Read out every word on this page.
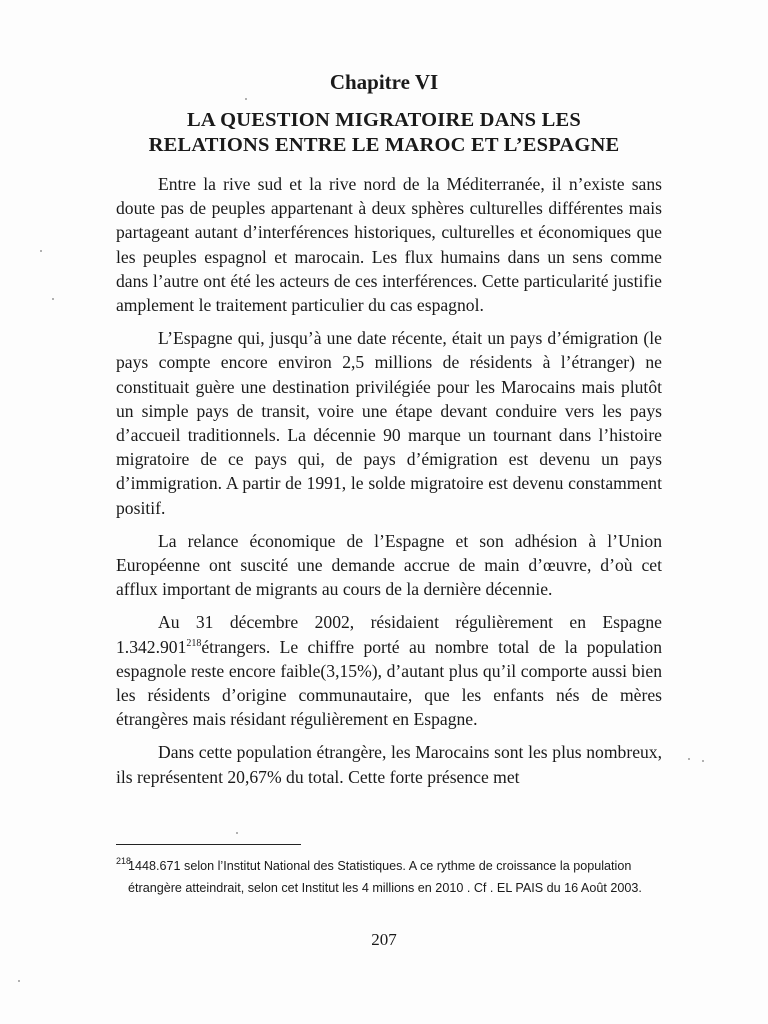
Chapitre VI
LA QUESTION MIGRATOIRE DANS LES
RELATIONS ENTRE LE MAROC ET L’ESPAGNE

Entre la rive sud et la rive nord de la Méditerranée, il n’existe sans doute pas de peuples appartenant à deux sphères culturelles différentes mais partageant autant d’interférences historiques, culturelles et économiques que les peuples espagnol et marocain. Les flux humains dans un sens comme dans l’autre ont été les acteurs de ces interférences. Cette particularité justifie amplement le traitement particulier du cas espagnol.

L’Espagne qui, jusqu’à une date récente, était un pays d’émigration (le pays compte encore environ 2,5 millions de résidents à l’étranger) ne constituait guère une destination privilégiée pour les Marocains mais plutôt un simple pays de transit, voire une étape devant conduire vers les pays d’accueil traditionnels. La décennie 90 marque un tournant dans l’histoire migratoire de ce pays qui, de pays d’émigration est devenu un pays d’immigration. A partir de 1991, le solde migratoire est devenu constamment positif.

La relance économique de l’Espagne et son adhésion à l’Union Européenne ont suscité une demande accrue de main d’œuvre, d’où cet afflux important de migrants au cours de la dernière décennie.

Au 31 décembre 2002, résidaient régulièrement en Espagne 1.342.901$^{218}$étrangers. Le chiffre porté au nombre total de la population espagnole reste encore faible(3,15%), d’autant plus qu’il comporte aussi bien les résidents d’origine communautaire, que les enfants nés de mères étrangères mais résidant régulièrement en Espagne.

Dans cette population étrangère, les Marocains sont les plus nombreux, ils représentent 20,67% du total. Cette forte présence met

218
1448.671 selon l’Institut National des Statistiques. A ce rythme de croissance la population étrangère atteindrait, selon cet Institut les 4 millions en 2010 . Cf . EL PAIS du 16 Août 2003.
207
